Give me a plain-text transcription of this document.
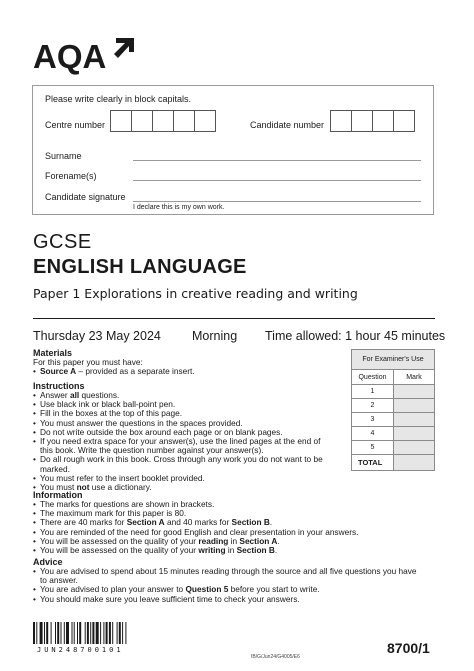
AQA
Please write clearly in block capitals.
Centre number	Candidate number
Surname
Forename(s)
Candidate signature
I declare this is my own work.
GCSE
ENGLISH LANGUAGE
Paper 1 Explorations in creative reading and writing
Thursday 23 May 2024 Morning Time allowed: 1 hour 45 minutes
Materials
For this paper you must have:
• Source A – provided as a separate insert.
Instructions
• Answer all questions.
• Use black ink or black ball-point pen.
• Fill in the boxes at the top of this page.
• You must answer the questions in the spaces provided.
• Do not write outside the box around each page or on blank pages.
• If you need extra space for your answer(s), use the lined pages at the end of
this book. Write the question number against your answer(s).
• Do all rough work in this book. Cross through any work you do not want to be
marked.
• You must refer to the insert booklet provided.
• You must not use a dictionary.
Information
• The marks for questions are shown in brackets.
• The maximum mark for this paper is 80.
• There are 40 marks for Section A and 40 marks for Section B.
• You are reminded of the need for good English and clear presentation in your answers.
• You will be assessed on the quality of your reading in Section A.
• You will be assessed on the quality of your writing in Section B.
Advice
• You are advised to spend about 15 minutes reading through the source and all five questions you have
to answer.
• You are advised to plan your answer to Question 5 before you start to write.
• You should make sure you leave sufficient time to check your answers.
For Examiner's Use	
Question	Mark
1	
2	
3	
4	
5	
TOTAL	
JUN248700101
IB/G/Jun24/G4005/E6
8700/1
